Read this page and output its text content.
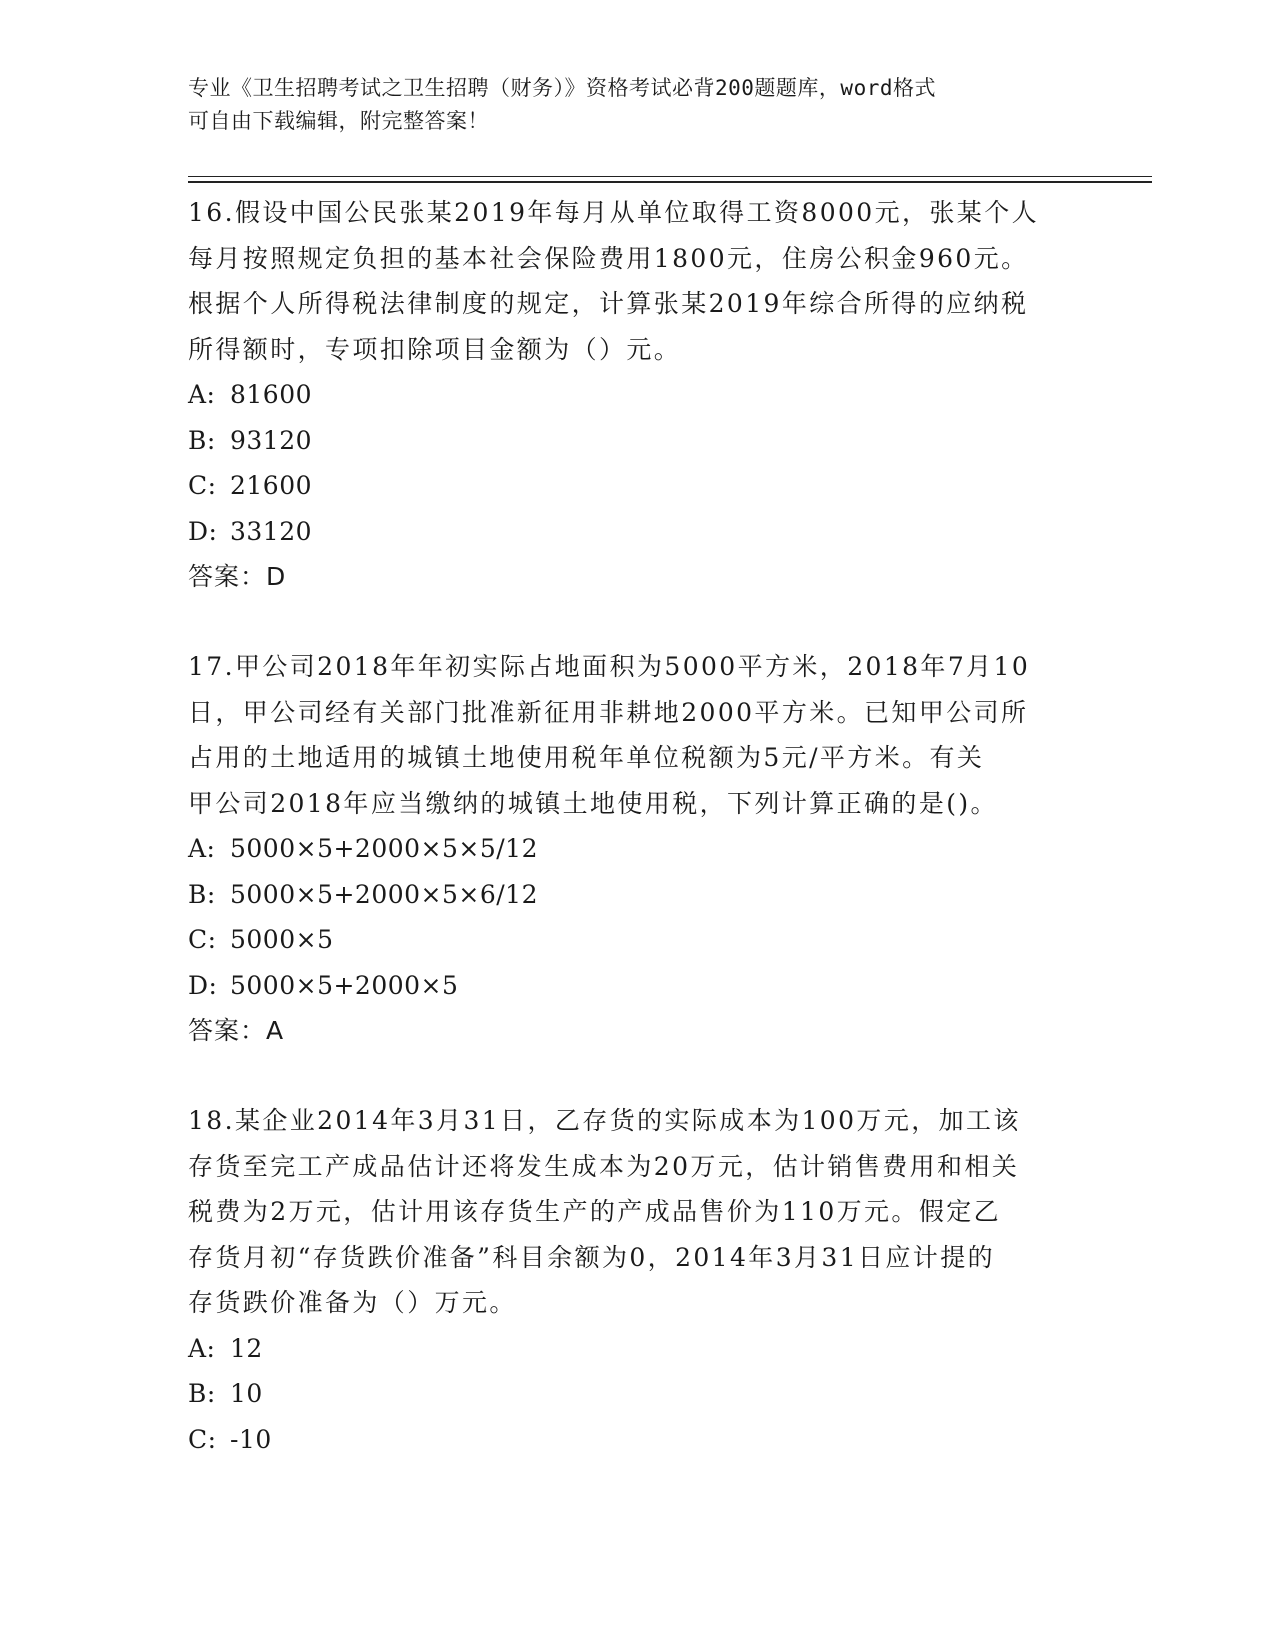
专业《卫生招聘考试之卫生招聘（财务）》资格考试必背200题题库，word格式
可自由下载编辑，附完整答案！
16.假设中国公民张某2019年每月从单位取得工资8000元，张某个人
每月按照规定负担的基本社会保险费用1800元，住房公积金960元。
根据个人所得税法律制度的规定，计算张某2019年综合所得的应纳税
所得额时，专项扣除项目金额为（）元。
A: 81600
B: 93120
C: 21600
D: 33120
答案：D
17.甲公司2018年年初实际占地面积为5000平方米，2018年7月10
日，甲公司经有关部门批准新征用非耕地2000平方米。已知甲公司所
占用的土地适用的城镇土地使用税年单位税额为5元/平方米。有关
甲公司2018年应当缴纳的城镇土地使用税，下列计算正确的是()。
A: 5000×5+2000×5×5/12
B: 5000×5+2000×5×6/12
C: 5000×5
D: 5000×5+2000×5
答案：A
18.某企业2014年3月31日，乙存货的实际成本为100万元，加工该
存货至完工产成品估计还将发生成本为20万元，估计销售费用和相关
税费为2万元，估计用该存货生产的产成品售价为110万元。假定乙
存货月初“存货跌价准备”科目余额为0，2014年3月31日应计提的
存货跌价准备为（）万元。
A: 12
B: 10
C: -10
